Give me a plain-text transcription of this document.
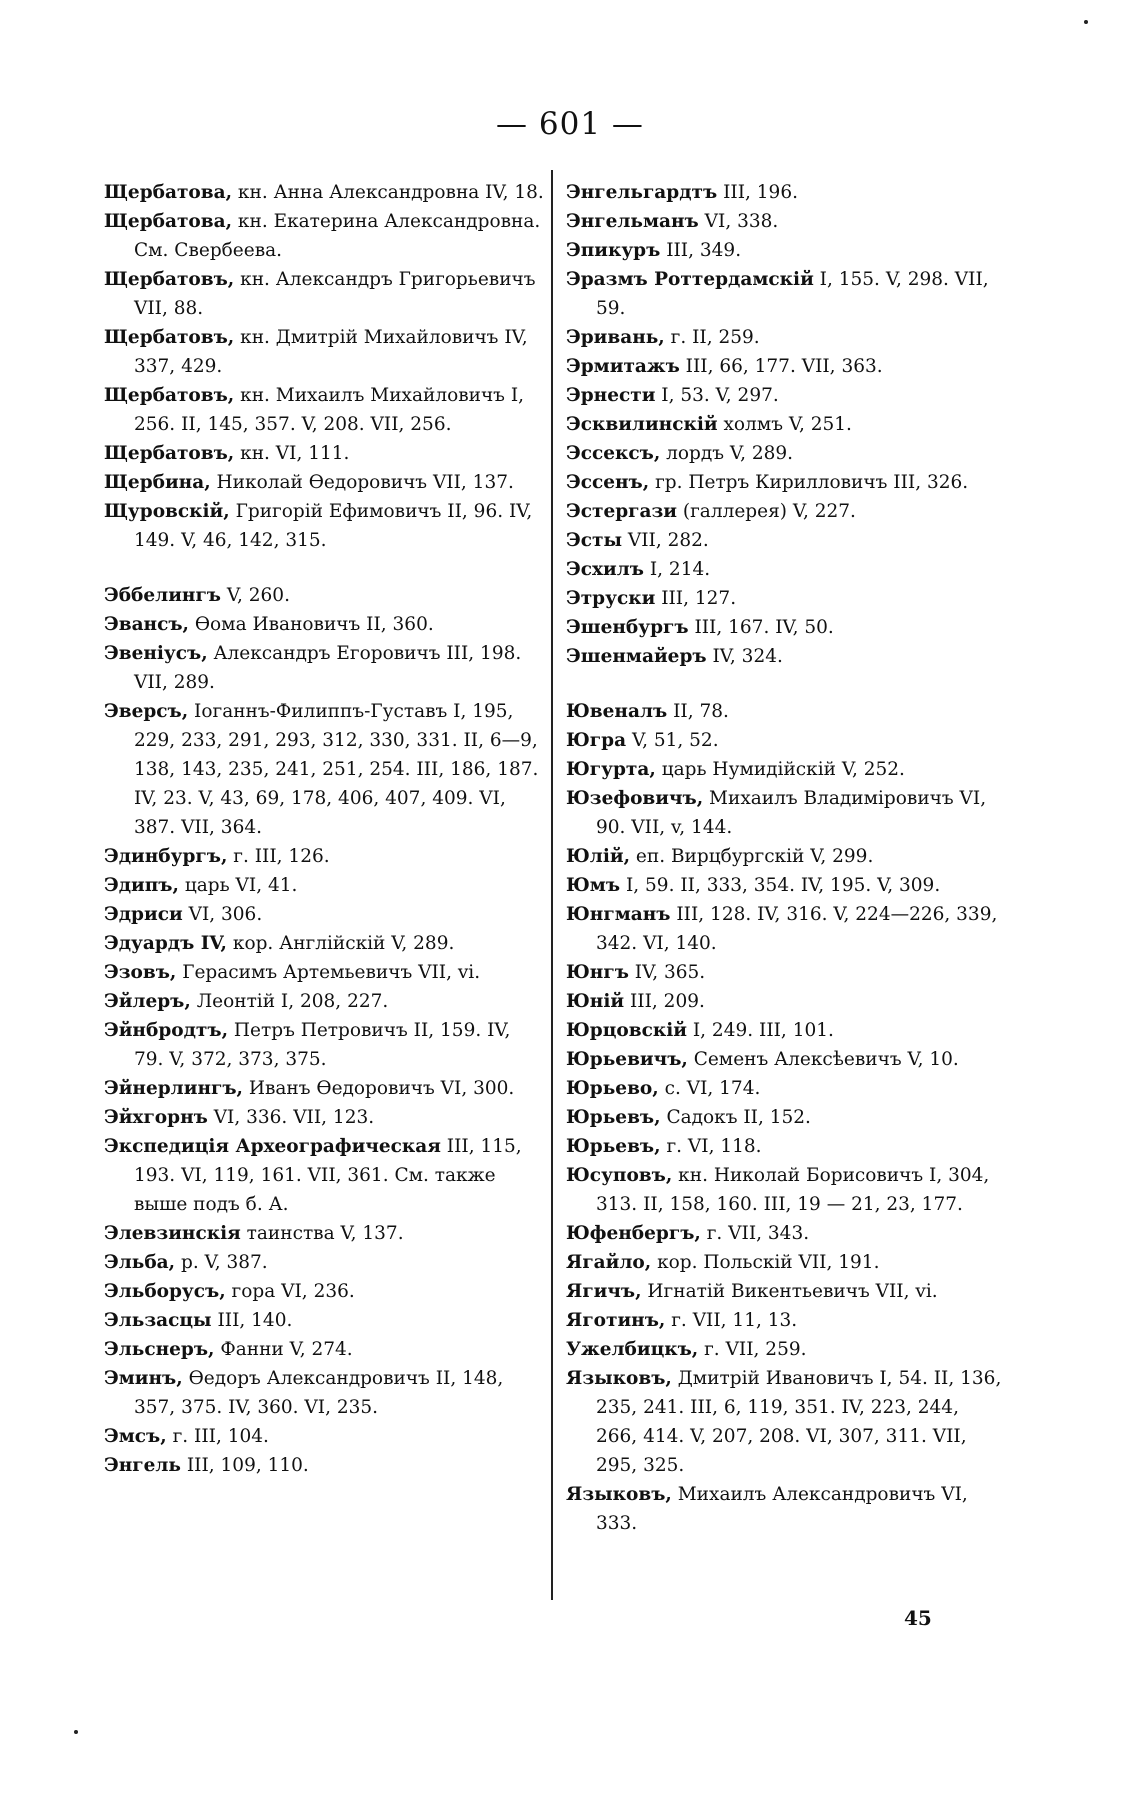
— 601 —

Щербатова, кн. Анна Александровна IV, 18.

Щербатова, кн. Екатерина Александровна. См. Свербеева.

Щербатовъ, кн. Александръ Григорьевичъ VII, 88.

Щербатовъ, кн. Дмитрій Михайловичъ IV, 337, 429.

Щербатовъ, кн. Михаилъ Михайловичъ I, 256. II, 145, 357. V, 208. VII, 256.

Щербатовъ, кн. VI, 111.

Щербина, Николай Өедоровичъ VII, 137.

Щуровскій, Григорій Ефимовичъ II, 96. IV, 149. V, 46, 142, 315.

Эббелингъ V, 260.

Эвансъ, Өома Ивановичъ II, 360.

Эвеніусъ, Александръ Егоровичъ III, 198. VII, 289.

Эверсъ, Іоганнъ-Филиппъ-Густавъ I, 195, 229, 233, 291, 293, 312, 330, 331. II, 6—9, 138, 143, 235, 241, 251, 254. III, 186, 187. IV, 23. V, 43, 69, 178, 406, 407, 409. VI, 387. VII, 364.

Эдинбургъ, г. III, 126.

Эдипъ, царь VI, 41.

Эдриси VI, 306.

Эдуардъ IV, кор. Англійскій V, 289.

Эзовъ, Герасимъ Артемьевичъ VII, vi.

Эйлеръ, Леонтій I, 208, 227.

Эйнбродтъ, Петръ Петровичъ II, 159. IV, 79. V, 372, 373, 375.

Эйнерлингъ, Иванъ Өедоровичъ VI, 300.

Эйхгорнъ VI, 336. VII, 123.

Экспедиція Археографическая III, 115, 193. VI, 119, 161. VII, 361. См. также выше подъ б. А.

Элевзинскія таинства V, 137.

Эльба, р. V, 387.

Эльборусъ, гора VI, 236.

Эльзасцы III, 140.

Эльснеръ, Фанни V, 274.

Эминъ, Өедоръ Александровичъ II, 148, 357, 375. IV, 360. VI, 235.

Эмсъ, г. III, 104.

Энгель III, 109, 110.

Энгельгардтъ III, 196.

Энгельманъ VI, 338.

Эпикуръ III, 349.

Эразмъ Роттердамскій I, 155. V, 298. VII, 59.

Эривань, г. II, 259.

Эрмитажъ III, 66, 177. VII, 363.

Эрнести I, 53. V, 297.

Эсквилинскій холмъ V, 251.

Эссексъ, лордъ V, 289.

Эссенъ, гр. Петръ Кирилловичъ III, 326.

Эстергази (галлерея) V, 227.

Эсты VII, 282.

Эсхилъ I, 214.

Этруски III, 127.

Эшенбургъ III, 167. IV, 50.

Эшенмайеръ IV, 324.

Ювеналъ II, 78.

Югра V, 51, 52.

Югурта, царь Нумидійскій V, 252.

Юзефовичъ, Михаилъ Владиміровичъ VI, 90. VII, v, 144.

Юлій, еп. Вирцбургскій V, 299.

Юмъ I, 59. II, 333, 354. IV, 195. V, 309.

Юнгманъ III, 128. IV, 316. V, 224—226, 339, 342. VI, 140.

Юнгъ IV, 365.

Юній III, 209.

Юрцовскій I, 249. III, 101.

Юрьевичъ, Семенъ Алексѣевичъ V, 10.

Юрьево, с. VI, 174.

Юрьевъ, Садокъ II, 152.

Юрьевъ, г. VI, 118.

Юсуповъ, кн. Николай Борисовичъ I, 304, 313. II, 158, 160. III, 19 — 21, 23, 177.

Юфенбергъ, г. VII, 343.

Ягайло, кор. Польскій VII, 191.

Ягичъ, Игнатій Викентьевичъ VII, vi.

Яготинъ, г. VII, 11, 13.

Ужелбицкъ, г. VII, 259.

Языковъ, Дмитрій Ивановичъ I, 54. II, 136, 235, 241. III, 6, 119, 351. IV, 223, 244, 266, 414. V, 207, 208. VI, 307, 311. VII, 295, 325.

Языковъ, Михаилъ Александровичъ VI, 333.

45
